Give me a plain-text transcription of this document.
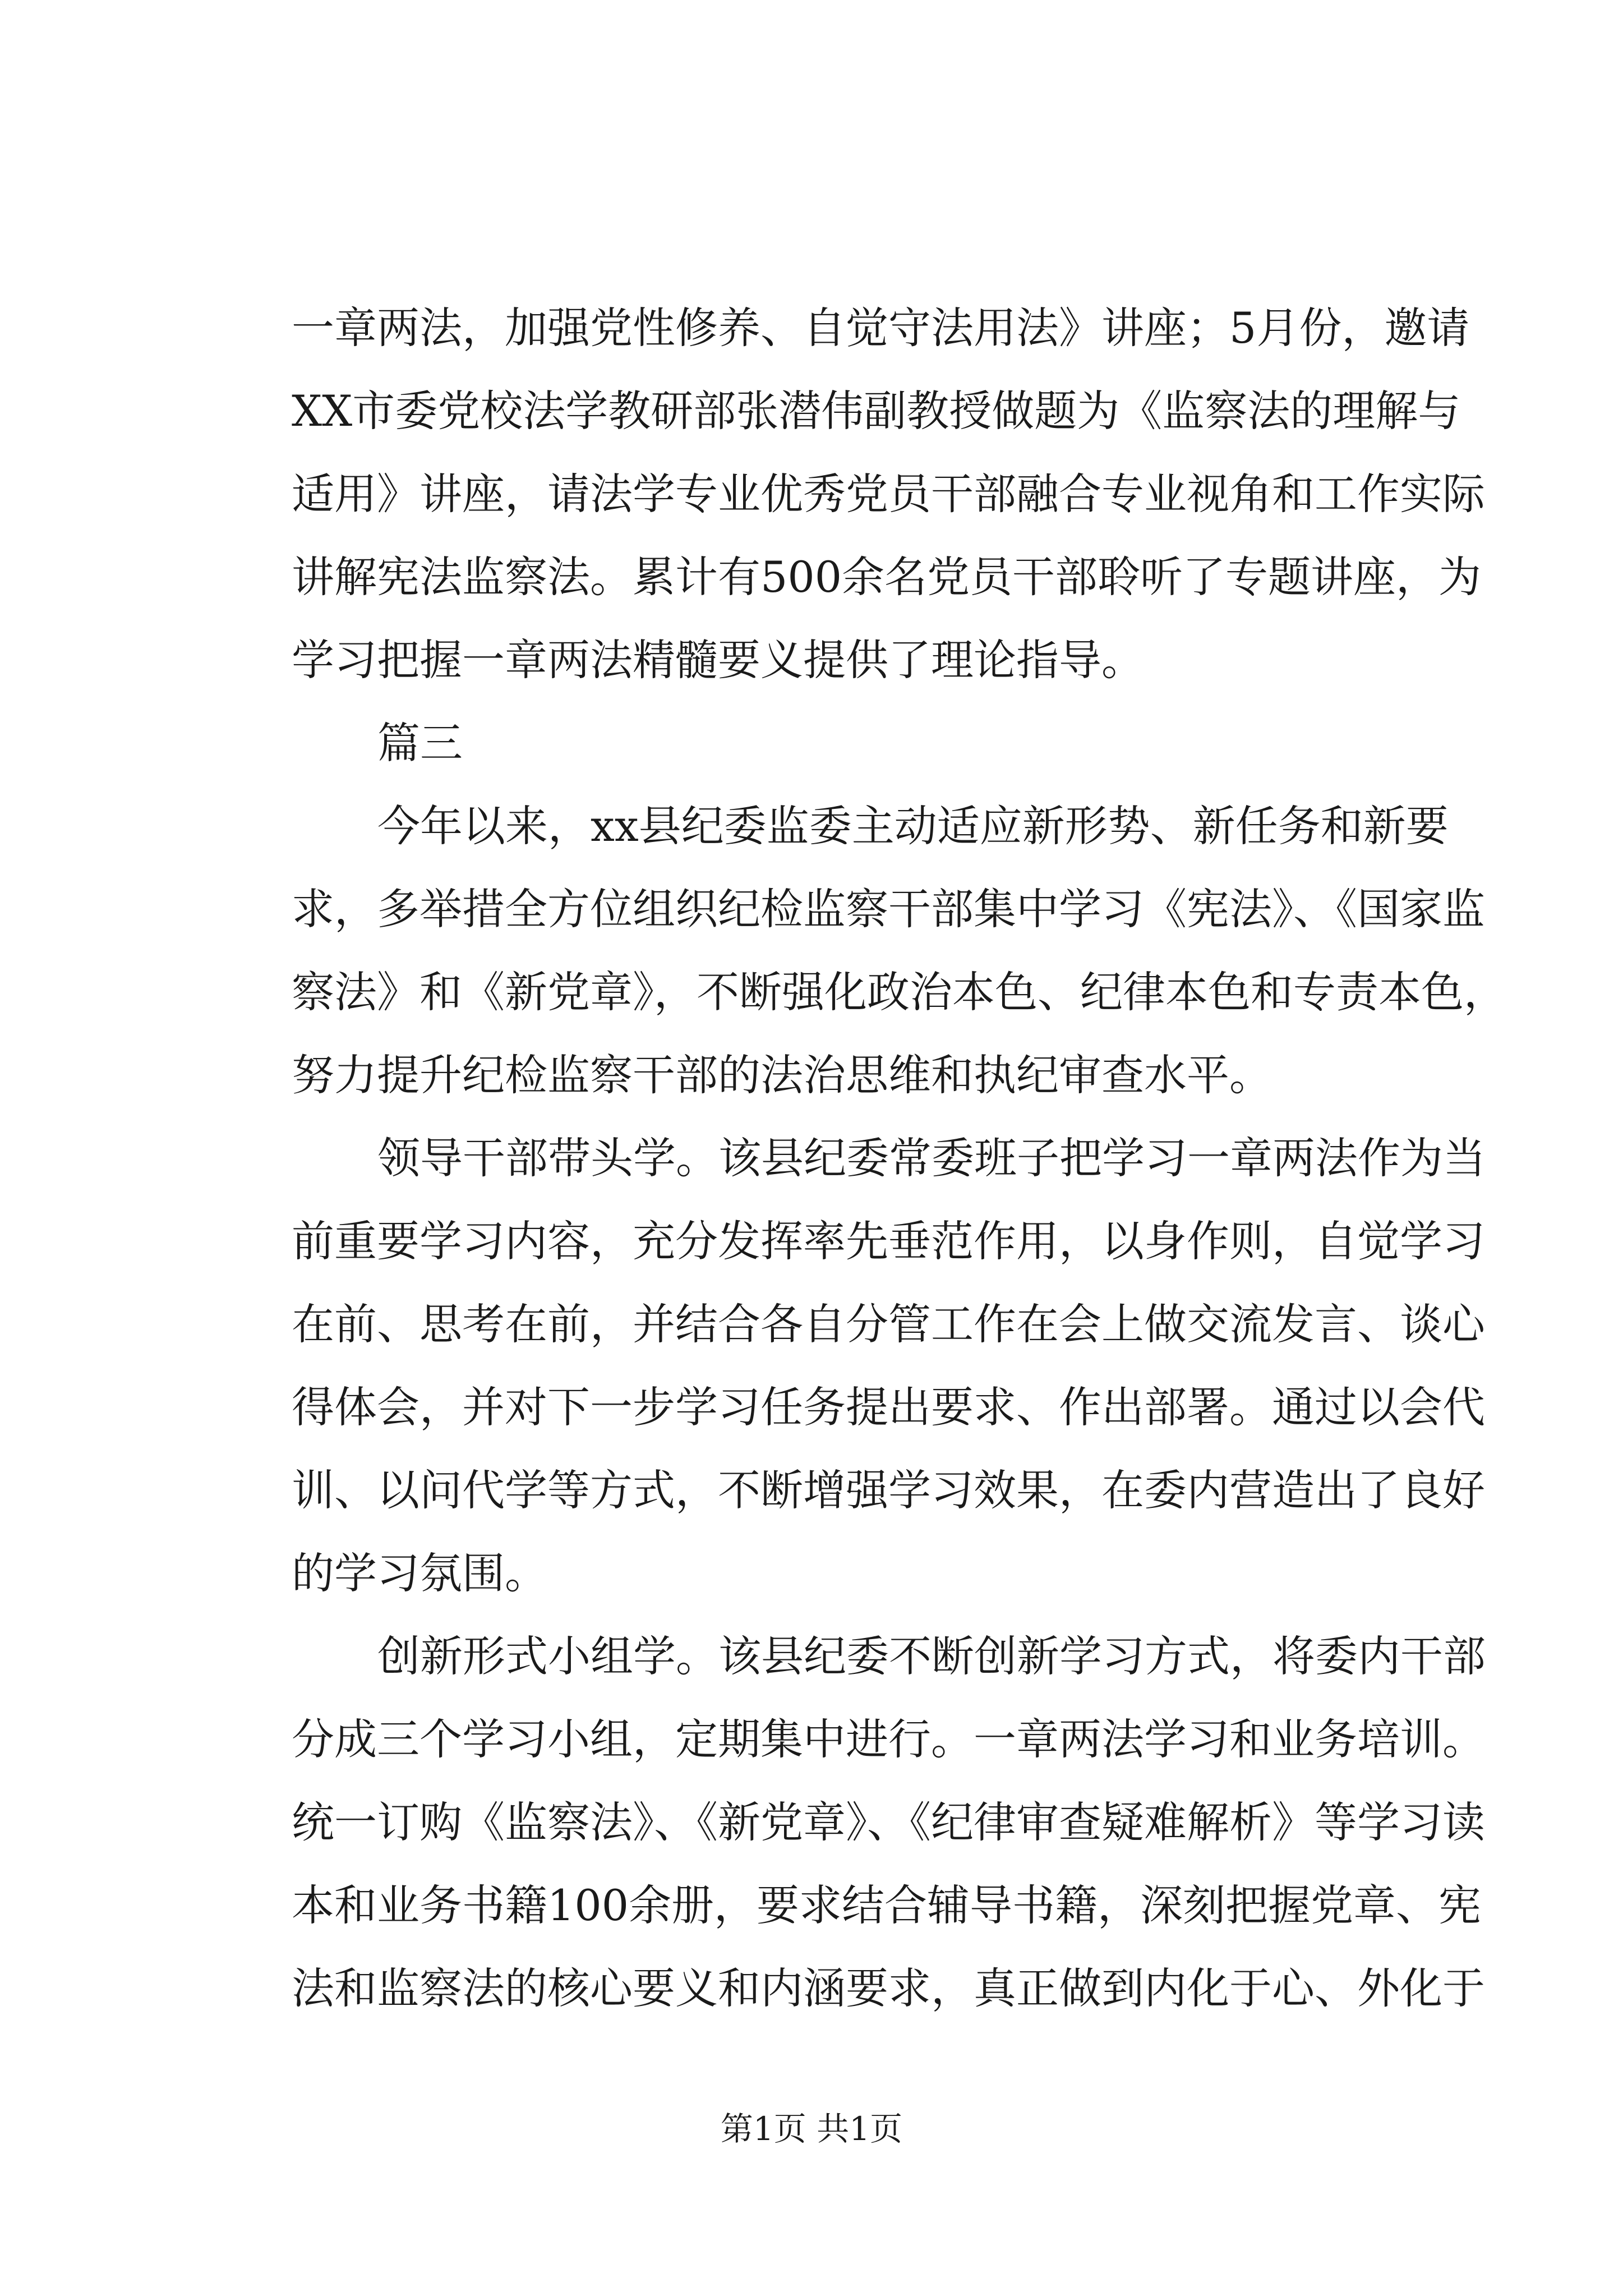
一章两法，加强党性修养、自觉守法用法》讲座；5月份，邀请
XX市委党校法学教研部张潜伟副教授做题为《监察法的理解与
适用》讲座，请法学专业优秀党员干部融合专业视角和工作实际
讲解宪法监察法。累计有500余名党员干部聆听了专题讲座，为
学习把握一章两法精髓要义提供了理论指导。
篇三
今年以来，xx县纪委监委主动适应新形势、新任务和新要
求，多举措全方位组织纪检监察干部集中学习《宪法》、《国家监
察法》和《新党章》，不断强化政治本色、纪律本色和专责本色，
努力提升纪检监察干部的法治思维和执纪审查水平。
领导干部带头学。该县纪委常委班子把学习一章两法作为当
前重要学习内容，充分发挥率先垂范作用，以身作则，自觉学习
在前、思考在前，并结合各自分管工作在会上做交流发言、谈心
得体会，并对下一步学习任务提出要求、作出部署。通过以会代
训、以问代学等方式，不断增强学习效果，在委内营造出了良好
的学习氛围。
创新形式小组学。该县纪委不断创新学习方式，将委内干部
分成三个学习小组，定期集中进行。一章两法学习和业务培训。
统一订购《监察法》、《新党章》、《纪律审查疑难解析》等学习读
本和业务书籍100余册，要求结合辅导书籍，深刻把握党章、宪
法和监察法的核心要义和内涵要求，真正做到内化于心、外化于
第1页 共1页
